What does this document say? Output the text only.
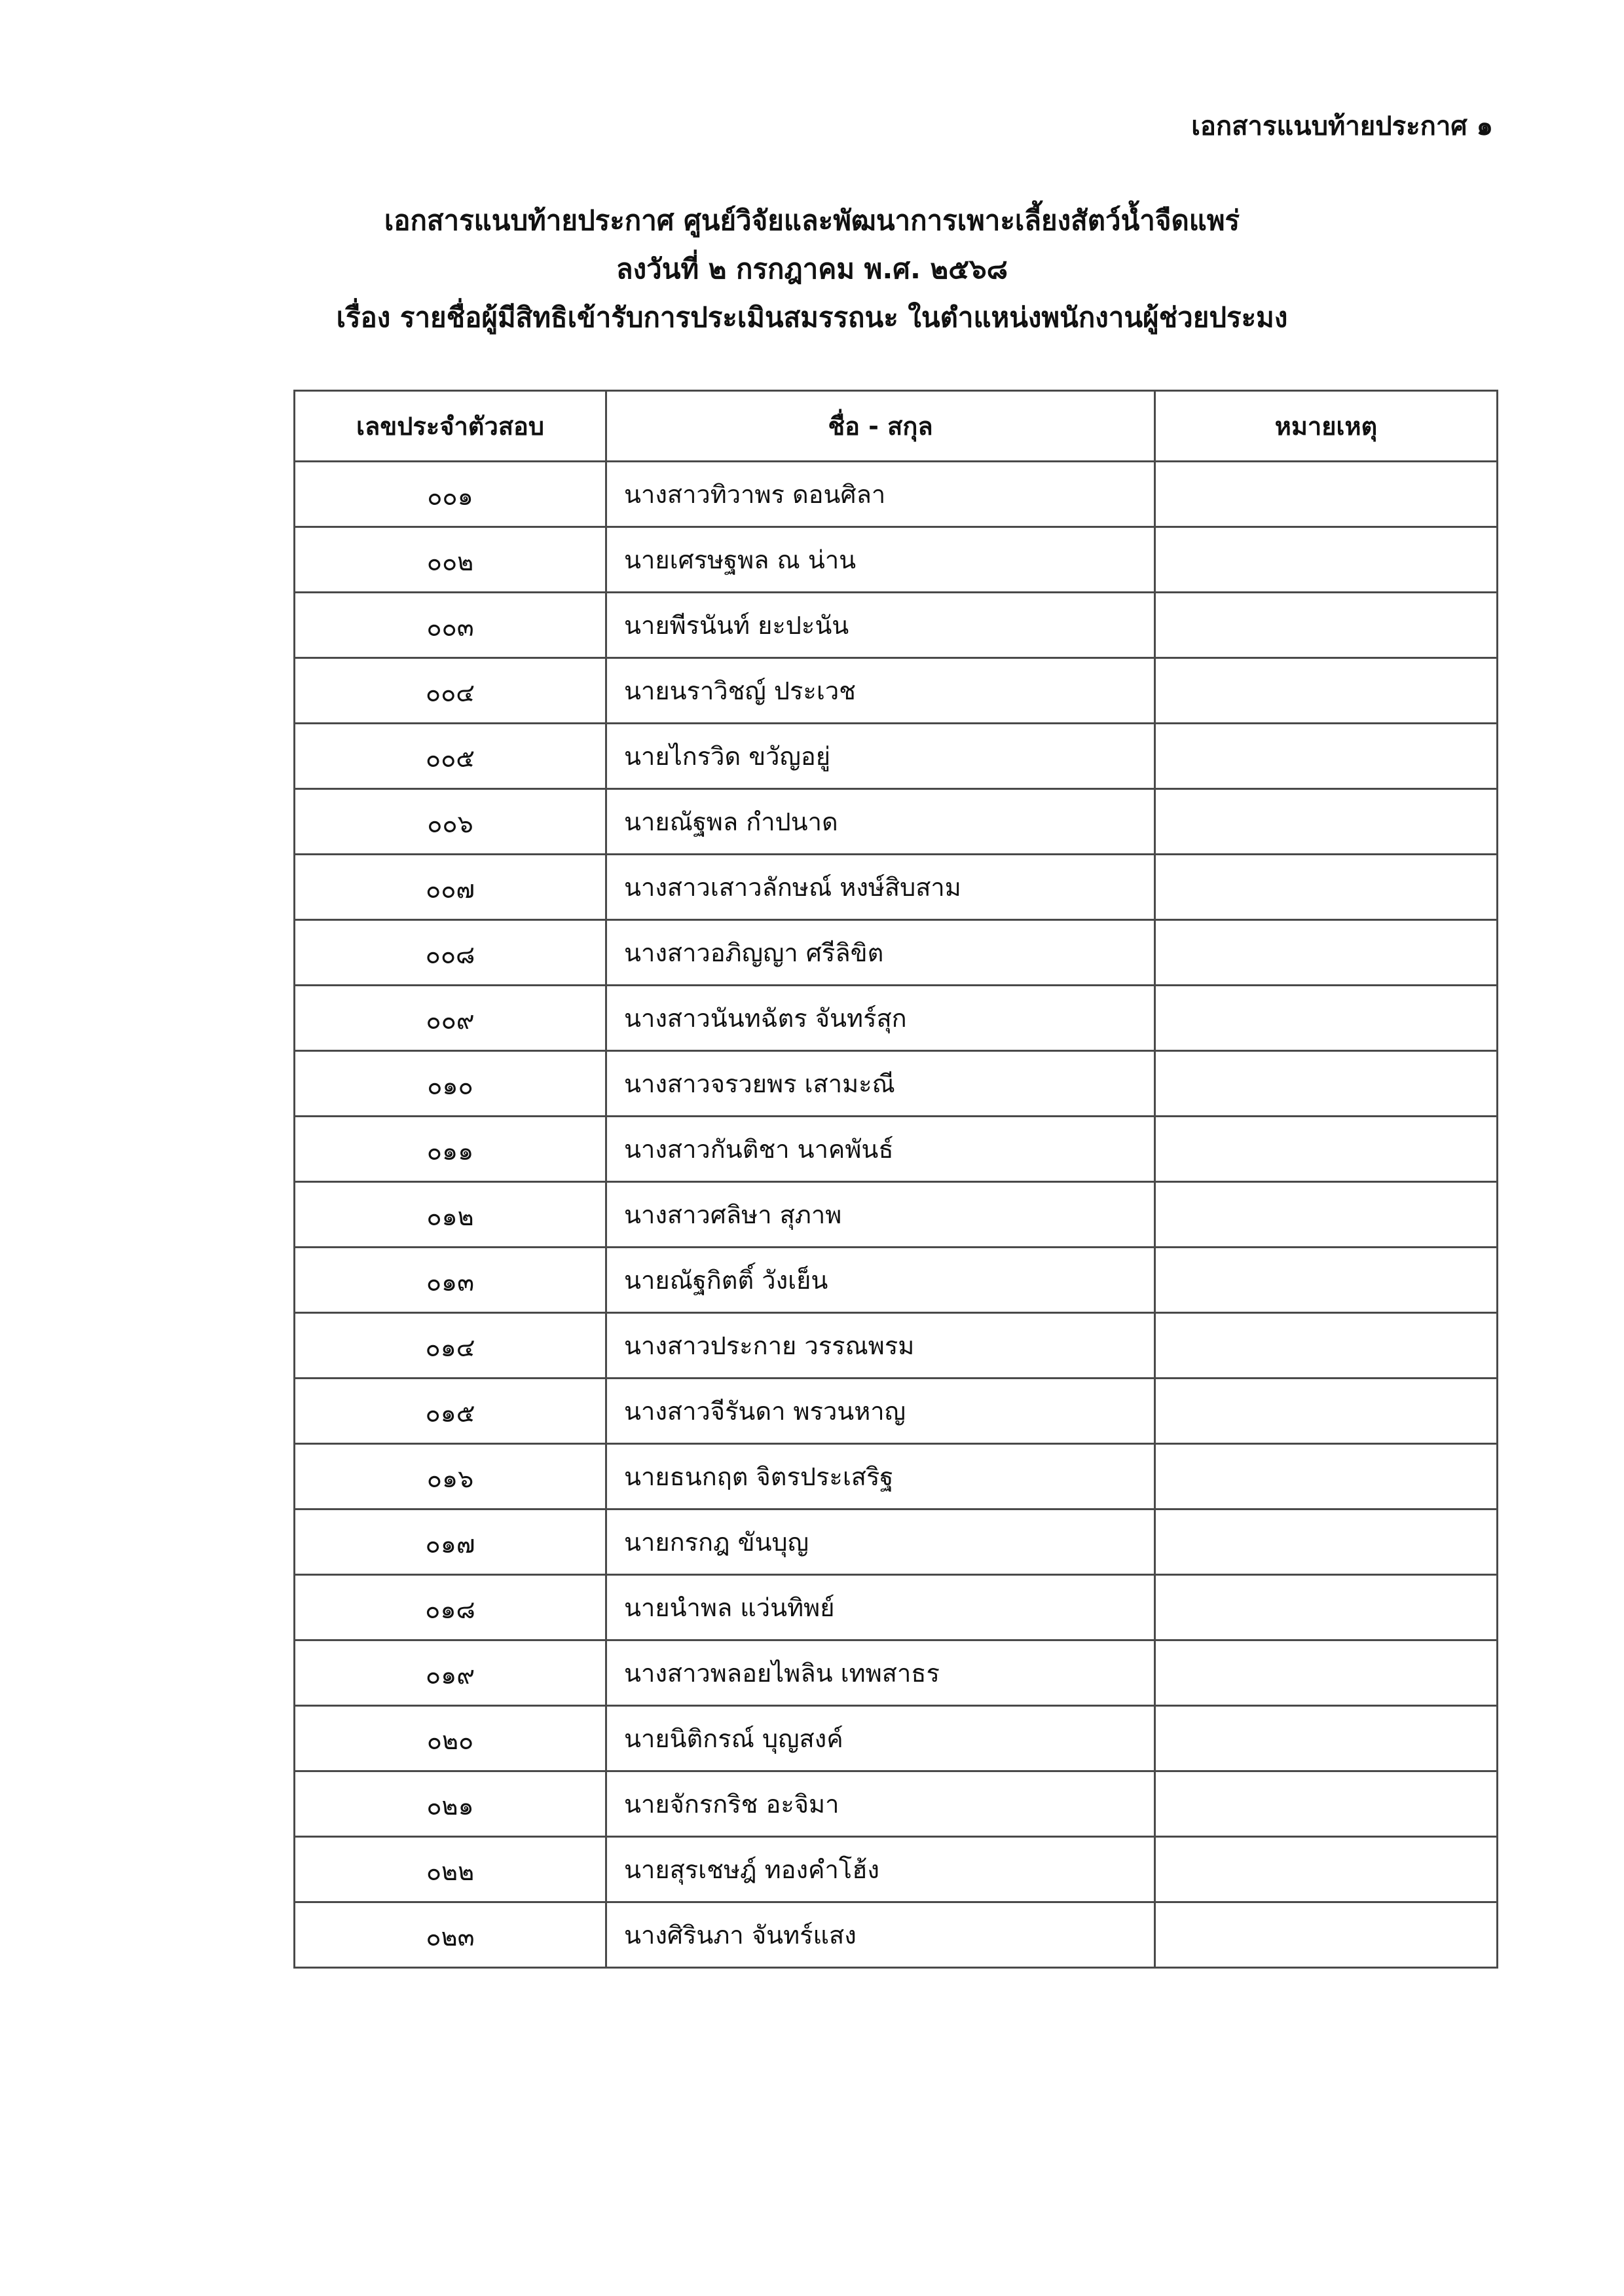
เอกสารแนบท้ายประกาศ ๑
เอกสารแนบท้ายประกาศ ศูนย์วิจัยและพัฒนาการเพาะเลี้ยงสัตว์น้ำจืดแพร่
ลงวันที่ ๒ กรกฎาคม พ.ศ. ๒๕๖๘
เรื่อง รายชื่อผู้มีสิทธิเข้ารับการประเมินสมรรถนะ ในตำแหน่งพนักงานผู้ช่วยประมง
เลขประจำตัวสอบ	ชื่อ - สกุล	หมายเหตุ
๐๐๑	นางสาวทิวาพร ดอนศิลา	
๐๐๒	นายเศรษฐพล ณ น่าน	
๐๐๓	นายพีรนันท์ ยะปะนัน	
๐๐๔	นายนราวิชญ์ ประเวช	
๐๐๕	นายไกรวิด ขวัญอยู่	
๐๐๖	นายณัฐพล กำปนาด	
๐๐๗	นางสาวเสาวลักษณ์ หงษ์สิบสาม	
๐๐๘	นางสาวอภิญญา ศรีลิขิต	
๐๐๙	นางสาวนันทฉัตร จันทร์สุก	
๐๑๐	นางสาวจรวยพร เสามะณี	
๐๑๑	นางสาวกันติชา นาคพันธ์	
๐๑๒	นางสาวศลิษา สุภาพ	
๐๑๓	นายณัฐกิตติ์ วังเย็น	
๐๑๔	นางสาวประกาย วรรณพรม	
๐๑๕	นางสาวจีรันดา พรวนหาญ	
๐๑๖	นายธนกฤต จิตรประเสริฐ	
๐๑๗	นายกรกฎ ขันบุญ	
๐๑๘	นายนำพล แว่นทิพย์	
๐๑๙	นางสาวพลอยไพลิน เทพสาธร	
๐๒๐	นายนิติกรณ์ บุญสงค์	
๐๒๑	นายจักรกริช อะจิมา	
๐๒๒	นายสุรเชษฎ์ ทองคำโฮ้ง	
๐๒๓	นางศิรินภา จันทร์แสง	
